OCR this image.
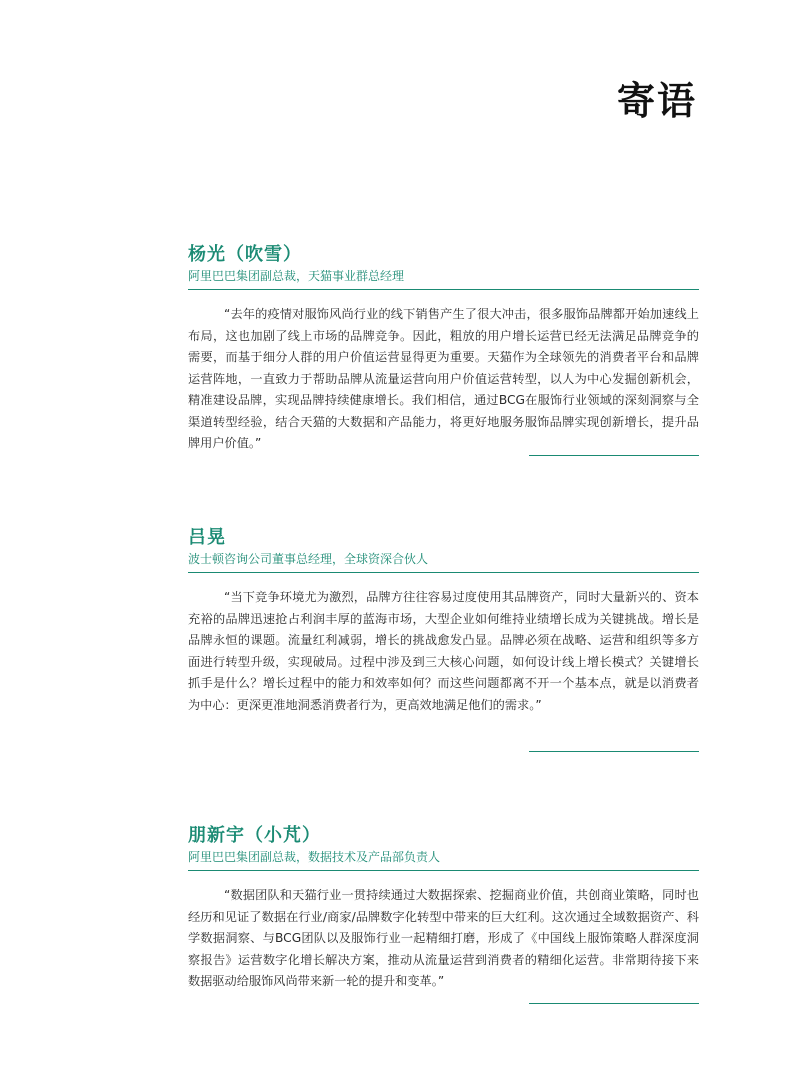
寄语
杨光（吹雪）

阿里巴巴集团副总裁，天猫事业群总经理

“去年的疫情对服饰风尚行业的线下销售产生了很大冲击，很多服饰品牌都开始加速线上布局，这也加剧了线上市场的品牌竞争。因此，粗放的用户增长运营已经无法满足品牌竞争的需要，而基于细分人群的用户价值运营显得更为重要。天猫作为全球领先的消费者平台和品牌运营阵地，一直致力于帮助品牌从流量运营向用户价值运营转型，以人为中心发掘创新机会，精准建设品牌，实现品牌持续健康增长。我们相信，通过BCG在服饰行业领域的深刻洞察与全渠道转型经验，结合天猫的大数据和产品能力，将更好地服务服饰品牌实现创新增长，提升品牌用户价值。”

吕晃

波士顿咨询公司董事总经理，全球资深合伙人

“当下竞争环境尤为激烈，品牌方往往容易过度使用其品牌资产，同时大量新兴的、资本充裕的品牌迅速抢占利润丰厚的蓝海市场，大型企业如何维持业绩增长成为关键挑战。增长是品牌永恒的课题。流量红利减弱，增长的挑战愈发凸显。品牌必须在战略、运营和组织等多方面进行转型升级，实现破局。过程中涉及到三大核心问题，如何设计线上增长模式？关键增长抓手是什么？增长过程中的能力和效率如何？而这些问题都离不开一个基本点，就是以消费者为中心：更深更准地洞悉消费者行为，更高效地满足他们的需求。”

朋新宇（小芃）

阿里巴巴集团副总裁，数据技术及产品部负责人

“数据团队和天猫行业一贯持续通过大数据探索、挖掘商业价值，共创商业策略，同时也经历和见证了数据在行业/商家/品牌数字化转型中带来的巨大红利。这次通过全域数据资产、科学数据洞察、与BCG团队以及服饰行业一起精细打磨，形成了《中国线上服饰策略人群深度洞察报告》运营数字化增长解决方案，推动从流量运营到消费者的精细化运营。非常期待接下来数据驱动给服饰风尚带来新一轮的提升和变革。”
